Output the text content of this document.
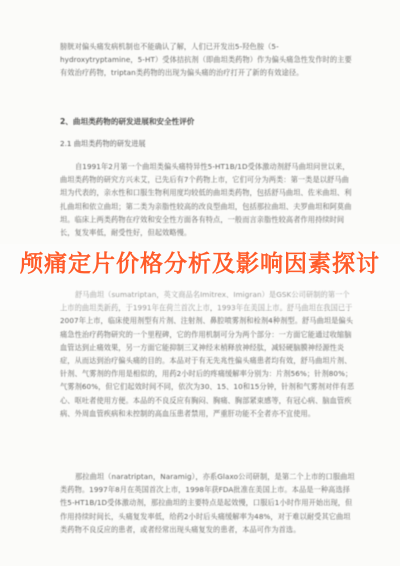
膀胱对偏头痛发病机制也不能确认了解，人们已开发出5-羟色胺（5-hydroxytryptamine，5-HT）受体拮抗剂（即曲坦类药物）作为偏头痛急性发作时的主要有效治疗药物，triptan类药物的出现为偏头痛的治疗打开了新的有效途径。
2、曲坦类药物的研发进展和安全性评价
2.1 曲坦类药物的研发进展
自1991年2月第一个曲坦类偏头痛特异性5-HT1B/1D受体激动剂舒马曲坦问世以来，曲坦类药物的研究方兴未艾，已先后有7个药物上市，它们可分为两类：第一类是以舒马曲坦为代表的，亲水性和口服生物利用度均较低的曲坦类药物，包括舒马曲坦、佐米曲坦、利扎曲坦和依立曲坦；第二类为亲脂性较高的改良型曲坦，包括那拉曲坦、夫罗曲坦和阿莫曲坦。临床上两类药物在疗效和安全性方面各有特点，一般而言亲脂性较高者作用持续时间长，复发率低，耐受性好，但起效略慢。
舒马曲坦（sumatriptan，英文商品名Imitrex、Imigran）是GSK公司研制的第一个上市的曲坦类新药，于1991年在荷兰首次上市，1993年在美国上市。舒马曲坦在我国已于2007年上市，临床使用剂型有片剂、注射剂、鼻腔喷雾剂和栓剂4种剂型。舒马曲坦是偏头痛急性治疗药物研究的一个里程碑，它的作用机制可分为两个部分：一方面它能通过收缩脑血管达到止痛效果，另一方面它能抑制三叉神经末梢释放神经肽，减轻硬脑膜神经源性炎症，从而达到治疗偏头痛的目的。本品对于有无先兆性偏头痛患者均有效，舒马曲坦片剂、针剂、气雾剂的作用是相似的，用药2小时后的疼痛缓解率分别为：片剂56%；针剂80%；气雾剂60%，但它们起效时间不同，依次为30、15、10和15分钟，针剂和气雾剂对伴有恶心、呕吐者使用方便。本品的不良反应有胸闷、胸痛、胸部紧束感等，有冠心病、脑血管疾病、外周血管疾病和未控制的高血压患者禁用，严重肝功能不全者亦不宜使用。
那拉曲坦（naratriptan，Naramig），亦系Glaxo公司研制，是第二个上市的口服曲坦类药物。1997年8月在英国首次上市，1998年获FDA批准在美国上市。本品是一种高选择性5-HT1B/1D受体激动剂，那拉曲坦的主要特点是起效慢，口服后1小时作用开始出现，但作用持续时间长，头痛复发率低，给药2小时后头痛缓解率为48%，对于难以耐受其它曲坦类药物不良反应的患者，或者经常出现头痛复发的患者，本品可作为首选。
颅痛定片价格分析及影响因素探讨
